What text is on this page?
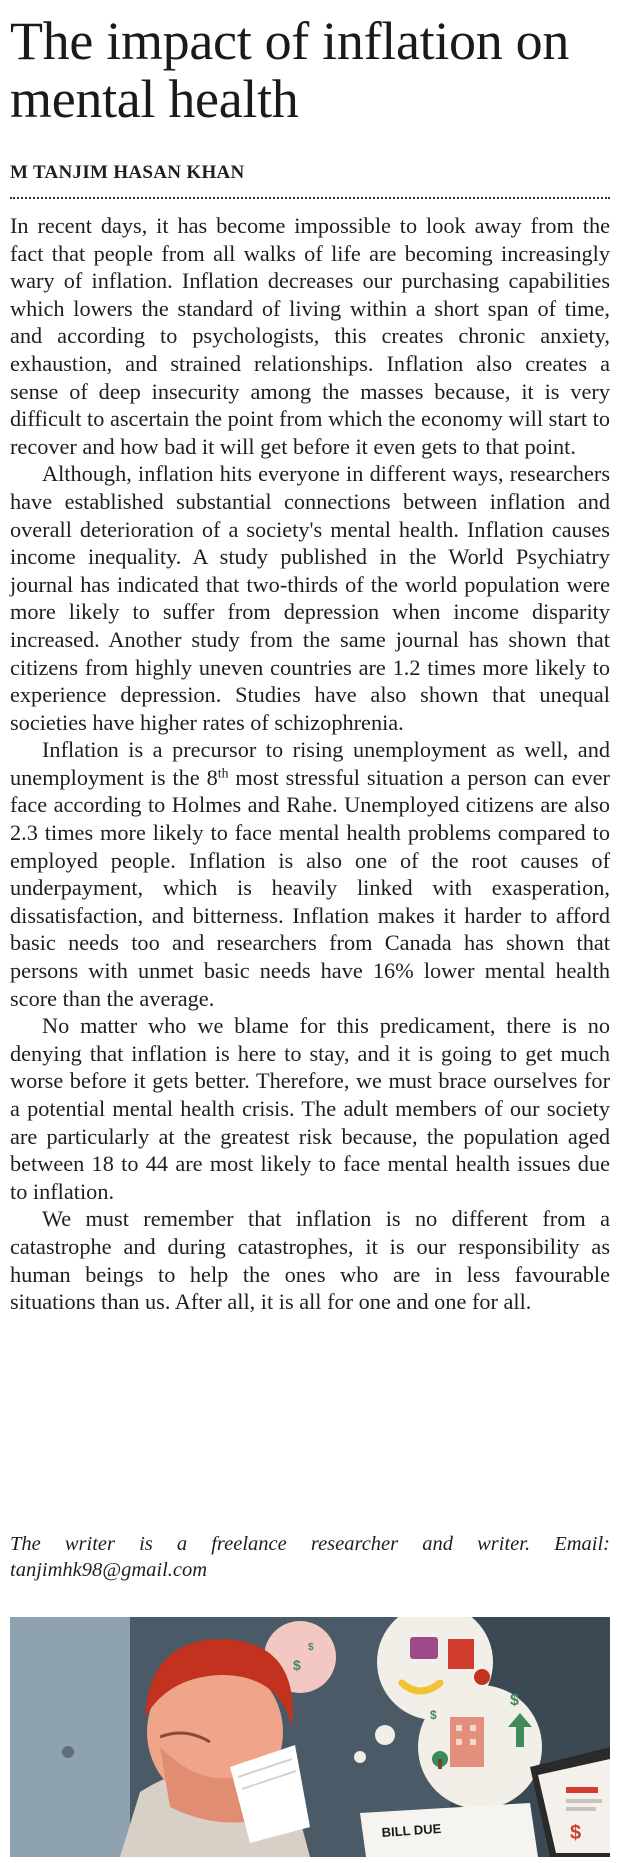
The impact of inflation on mental health
M TANJIM HASAN KHAN

In recent days, it has become impossible to look away from the fact that people from all walks of life are becoming increasingly wary of inflation. Inflation decreases our purchasing capabilities which lowers the standard of living within a short span of time, and according to psychologists, this creates chronic anxiety, exhaustion, and strained relationships. Inflation also creates a sense of deep insecurity among the masses because, it is very difficult to ascertain the point from which the economy will start to recover and how bad it will get before it even gets to that point.

Although, inflation hits everyone in different ways, researchers have established substantial connections between inflation and overall deterioration of a society's mental health. Inflation causes income inequality. A study published in the World Psychiatry journal has indicated that two-thirds of the world population were more likely to suffer from depression when income disparity increased. Another study from the same journal has shown that citizens from highly uneven countries are 1.2 times more likely to experience depression. Studies have also shown that unequal societies have higher rates of schizophrenia.

Inflation is a precursor to rising unemployment as well, and unemployment is the 8th most stressful situation a person can ever face according to Holmes and Rahe. Unemployed citizens are also 2.3 times more likely to face mental health problems compared to employed people. Inflation is also one of the root causes of underpayment, which is heavily linked with exasperation, dissatisfaction, and bitterness. Inflation makes it harder to afford basic needs too and researchers from Canada has shown that persons with unmet basic needs have 16% lower mental health score than the average.

No matter who we blame for this predicament, there is no denying that inflation is here to stay, and it is going to get much worse before it gets better. Therefore, we must brace ourselves for a potential mental health crisis. The adult members of our society are particularly at the greatest risk because, the population aged between 18 to 44 are most likely to face mental health issues due to inflation.

We must remember that inflation is no different from a catastrophe and during catastrophes, it is our responsibility as human beings to help the ones who are in less favourable situations than us. After all, it is all for one and one for all.

The writer is a freelance researcher and writer. Email: tanjimhk98@gmail.com
$
$
$
$
$
BILL DUE
